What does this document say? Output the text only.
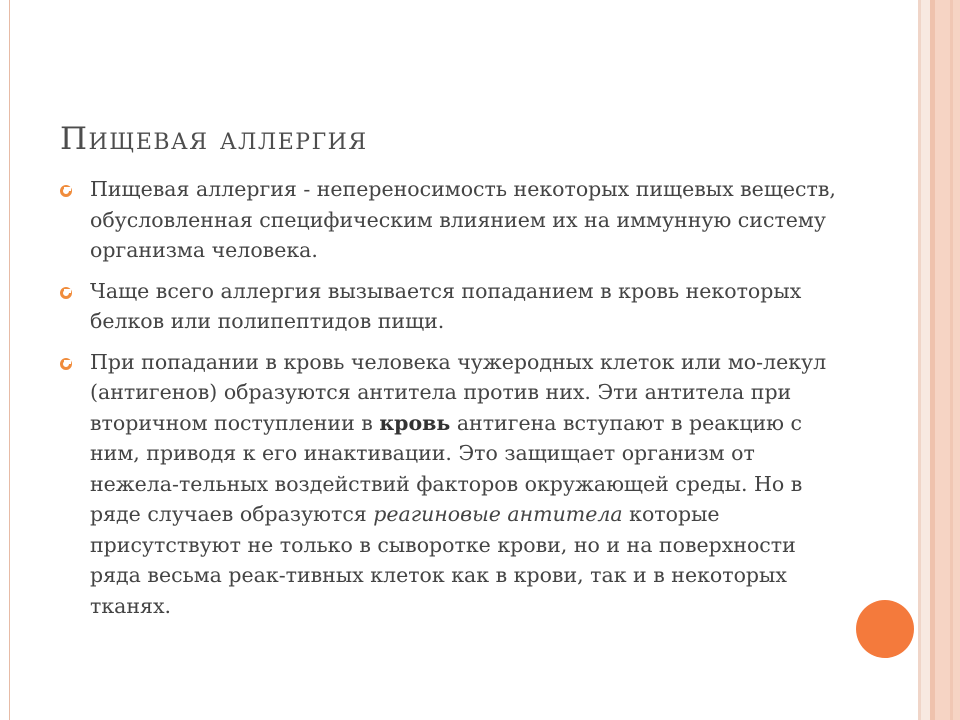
Пищевая аллергия
Пищевая аллергия - непереносимость некоторых пищевых веществ, обусловленная специфическим влиянием их на иммунную систему организма человека.
Чаще всего аллергия вызывается попаданием в кровь некоторых белков или полипептидов пищи.
При попадании в кровь человека чужеродных клеток или мо-лекул (антигенов) образуются антитела против них. Эти антитела при вторичном поступлении в кровь антигена вступают в реакцию с ним, приводя к его инактивации. Это защищает организм от нежела-тельных воздействий факторов окружающей среды. Но в ряде случаев образуются реагиновые антитела которые присутствуют не только в сыворотке крови, но и на поверхности ряда весьма реак-тивных клеток как в крови, так и в некоторых тканях.
